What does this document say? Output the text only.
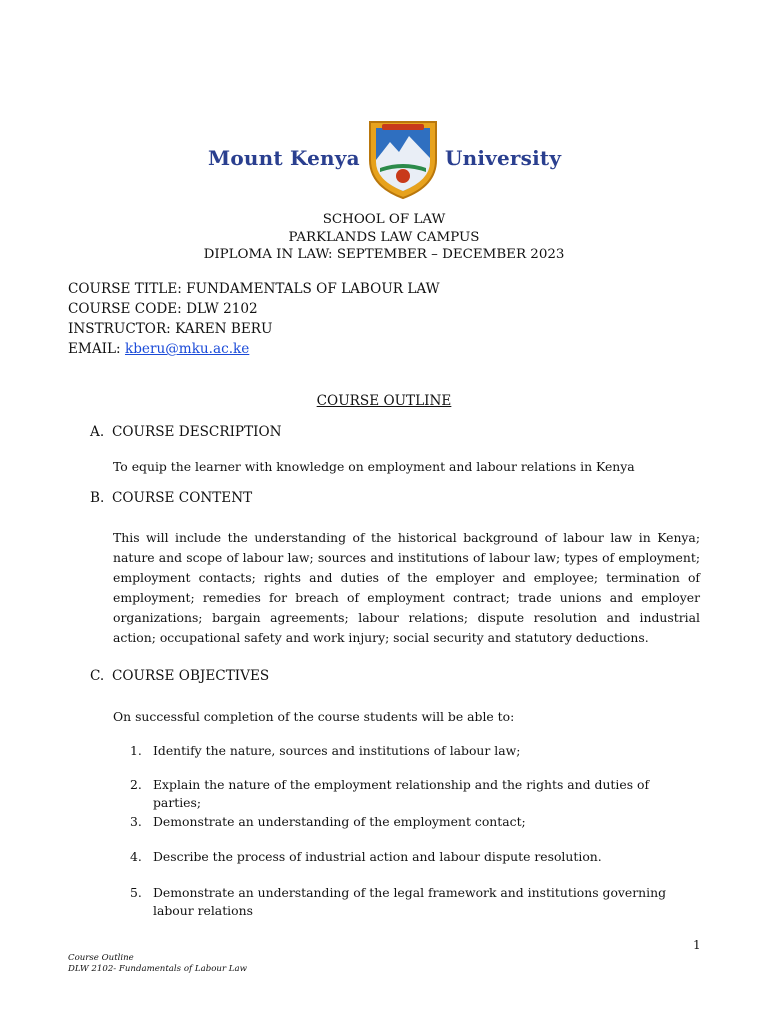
Mount Kenya	University
SCHOOL OF LAW
PARKLANDS LAW CAMPUS
DIPLOMA IN LAW: SEPTEMBER – DECEMBER 2023
COURSE TITLE: FUNDAMENTALS OF LABOUR LAW
COURSE CODE: DLW 2102
INSTRUCTOR: KAREN BERU
EMAIL: kberu@mku.ac.ke
COURSE OUTLINE
A. COURSE DESCRIPTION
To equip the learner with knowledge on employment and labour relations in Kenya
B. COURSE CONTENT
This will include the understanding of the historical background of labour law in Kenya; nature and scope of labour law; sources and institutions of labour law; types of employment; employment contacts; rights and duties of the employer and employee; termination of employment; remedies for breach of employment contract; trade unions and employer organizations; bargain agreements; labour relations; dispute resolution and industrial action; occupational safety and work injury; social security and statutory deductions.
C. COURSE OBJECTIVES
On successful completion of the course students will be able to:
1. Identify the nature, sources and institutions of labour law;
2. Explain the nature of the employment relationship and the rights and duties of parties;
3. Demonstrate an understanding of the employment contact;
4. Describe the process of industrial action and labour dispute resolution.
5. Demonstrate an understanding of the legal framework and institutions governing labour relations
1
Course Outline
DLW 2102- Fundamentals of Labour Law
